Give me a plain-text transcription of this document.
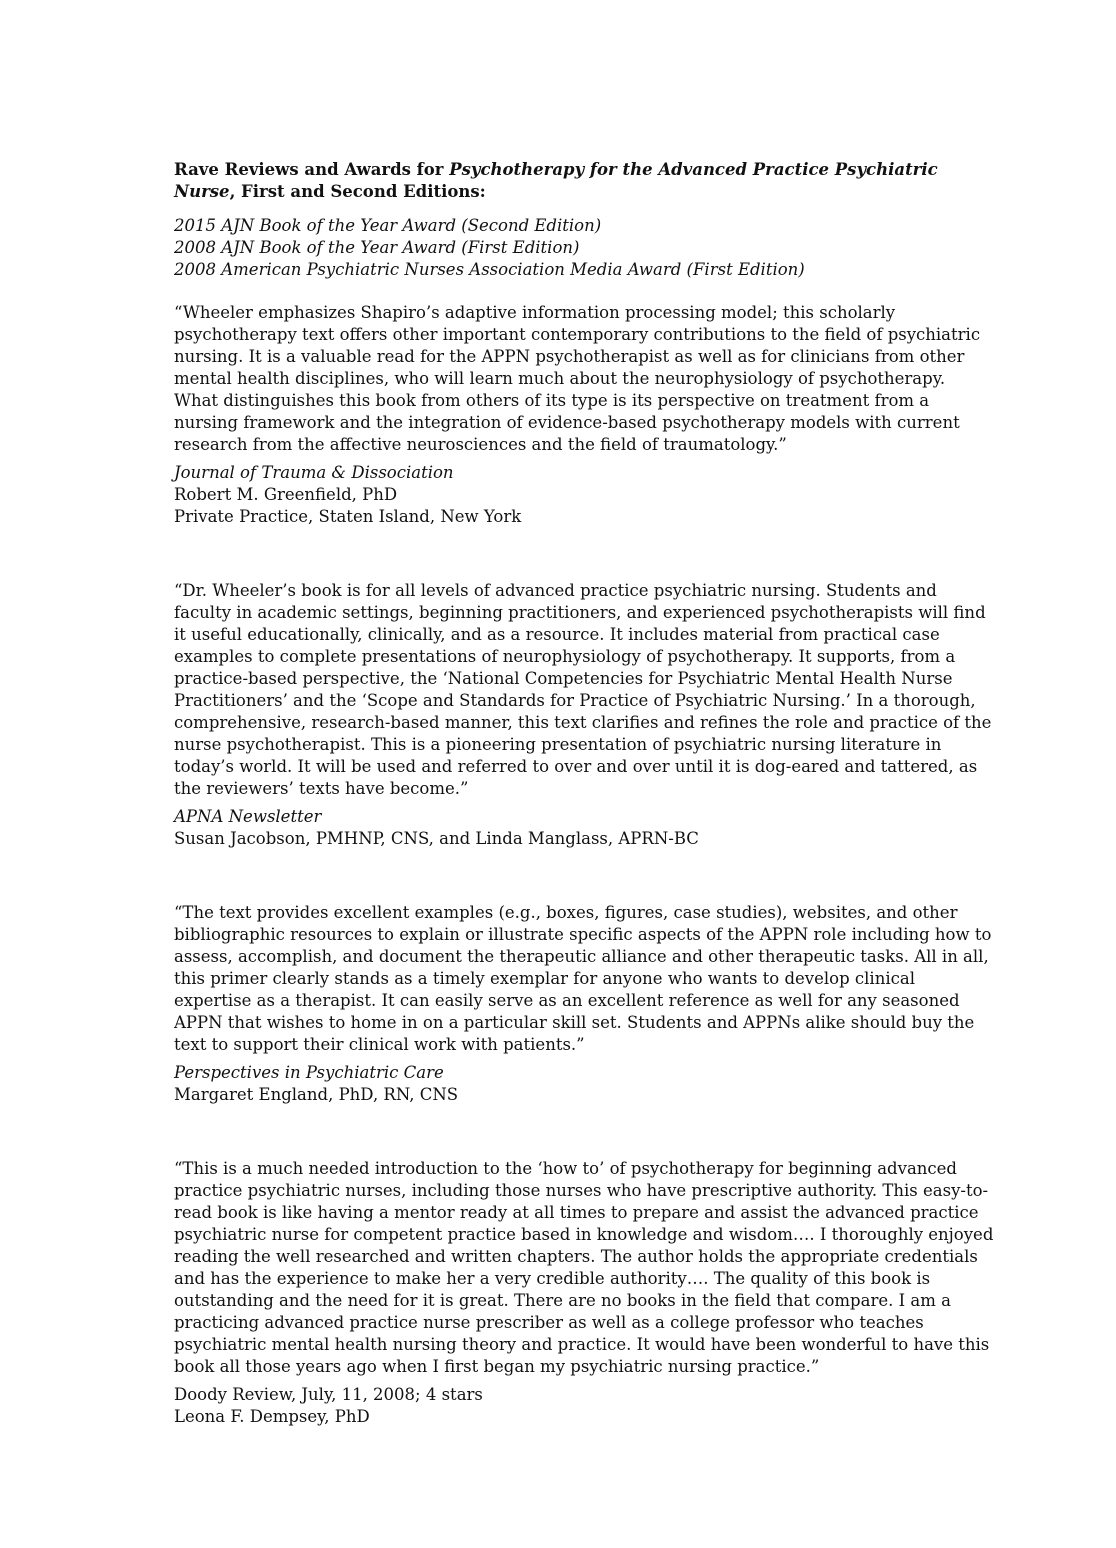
Rave Reviews and Awards for Psychotherapy for the Advanced Practice Psychiatric Nurse, First and Second Editions:

2015 AJN Book of the Year Award (Second Edition)
2008 AJN Book of the Year Award (First Edition)
2008 American Psychiatric Nurses Association Media Award (First Edition)

“Wheeler emphasizes Shapiro’s adaptive information processing model; this scholarly psychotherapy text offers other important contemporary contributions to the field of psychiatric nursing. It is a valuable read for the APPN psychotherapist as well as for clinicians from other mental health disciplines, who will learn much about the neurophysiology of psychotherapy. What distinguishes this book from others of its type is its perspective on treatment from a nursing framework and the integration of evidence-based psychotherapy models with current research from the affective neurosciences and the field of traumatology.”

Journal of Trauma & Dissociation
Robert M. Greenfield, PhD
Private Practice, Staten Island, New York

“Dr. Wheeler’s book is for all levels of advanced practice psychiatric nursing. Students and faculty in academic settings, beginning practitioners, and experienced psychotherapists will find it useful educationally, clinically, and as a resource. It includes material from practical case examples to complete presentations of neurophysiology of psychotherapy. It supports, from a practice-based perspective, the ‘National Competencies for Psychiatric Mental Health Nurse Practitioners’ and the ‘Scope and Standards for Practice of Psychiatric Nursing.’ In a thorough, comprehensive, research-based manner, this text clarifies and refines the role and practice of the nurse psychotherapist. This is a pioneering presentation of psychiatric nursing literature in today’s world. It will be used and referred to over and over until it is dog-eared and tattered, as the reviewers’ texts have become.”

APNA Newsletter
Susan Jacobson, PMHNP, CNS, and Linda Manglass, APRN-BC

“The text provides excellent examples (e.g., boxes, figures, case studies), websites, and other bibliographic resources to explain or illustrate specific aspects of the APPN role including how to assess, accomplish, and document the therapeutic alliance and other therapeutic tasks. All in all, this primer clearly stands as a timely exemplar for anyone who wants to develop clinical expertise as a therapist. It can easily serve as an excellent reference as well for any seasoned APPN that wishes to home in on a particular skill set. Students and APPNs alike should buy the text to support their clinical work with patients.”

Perspectives in Psychiatric Care
Margaret England, PhD, RN, CNS

“This is a much needed introduction to the ‘how to’ of psychotherapy for beginning advanced practice psychiatric nurses, including those nurses who have prescriptive authority. This easy-to-read book is like having a mentor ready at all times to prepare and assist the advanced practice psychiatric nurse for competent practice based in knowledge and wisdom…. I thoroughly enjoyed reading the well researched and written chapters. The author holds the appropriate credentials and has the experience to make her a very credible authority…. The quality of this book is outstanding and the need for it is great. There are no books in the field that compare. I am a practicing advanced practice nurse prescriber as well as a college professor who teaches psychiatric mental health nursing theory and practice. It would have been wonderful to have this book all those years ago when I first began my psychiatric nursing practice.”

Doody Review, July, 11, 2008; 4 stars
Leona F. Dempsey, PhD
